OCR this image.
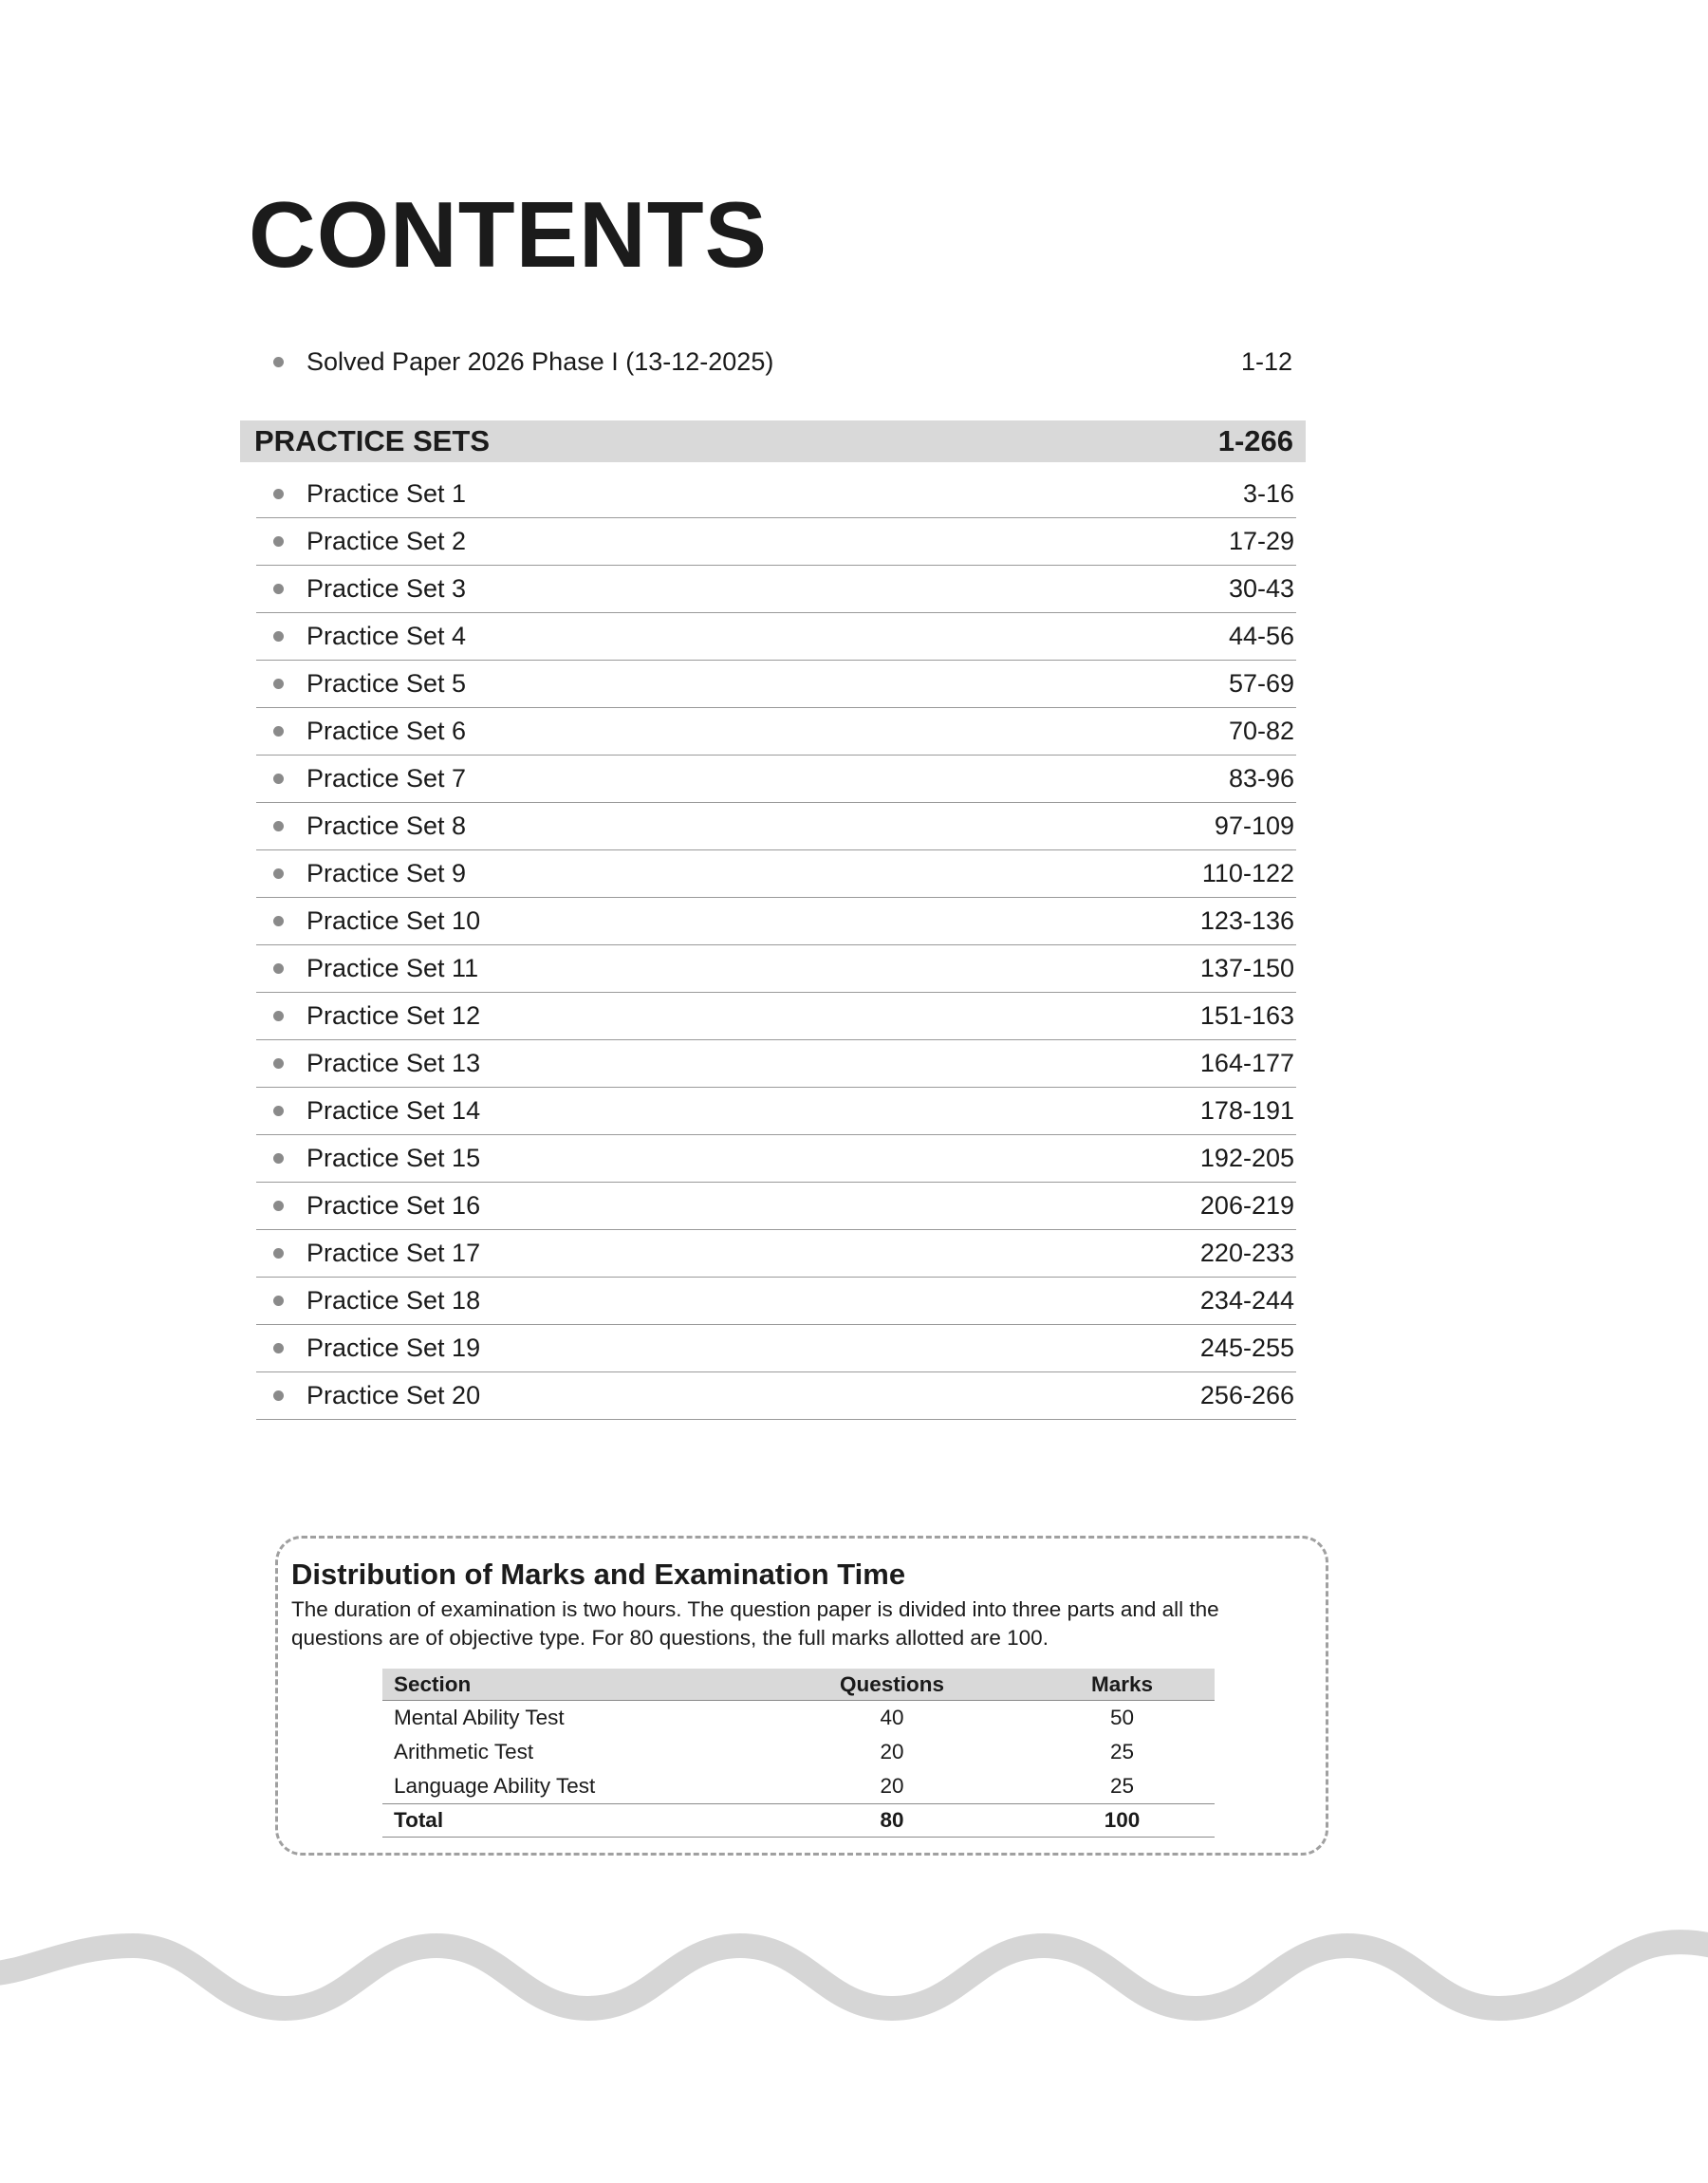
CONTENTS
Solved Paper 2026 Phase I (13-12-2025)	1-12
PRACTICE SETS	1-266
Practice Set 1	3-16
Practice Set 2	17-29
Practice Set 3	30-43
Practice Set 4	44-56
Practice Set 5	57-69
Practice Set 6	70-82
Practice Set 7	83-96
Practice Set 8	97-109
Practice Set 9	110-122
Practice Set 10	123-136
Practice Set 11	137-150
Practice Set 12	151-163
Practice Set 13	164-177
Practice Set 14	178-191
Practice Set 15	192-205
Practice Set 16	206-219
Practice Set 17	220-233
Practice Set 18	234-244
Practice Set 19	245-255
Practice Set 20	256-266
Distribution of Marks and Examination Time

The duration of examination is two hours. The question paper is divided into three parts and all the questions are of objective type. For 80 questions, the full marks allotted are 100.

Section	Questions	Marks
Mental Ability Test	40	50
Arithmetic Test	20	25
Language Ability Test	20	25
Total	80	100
